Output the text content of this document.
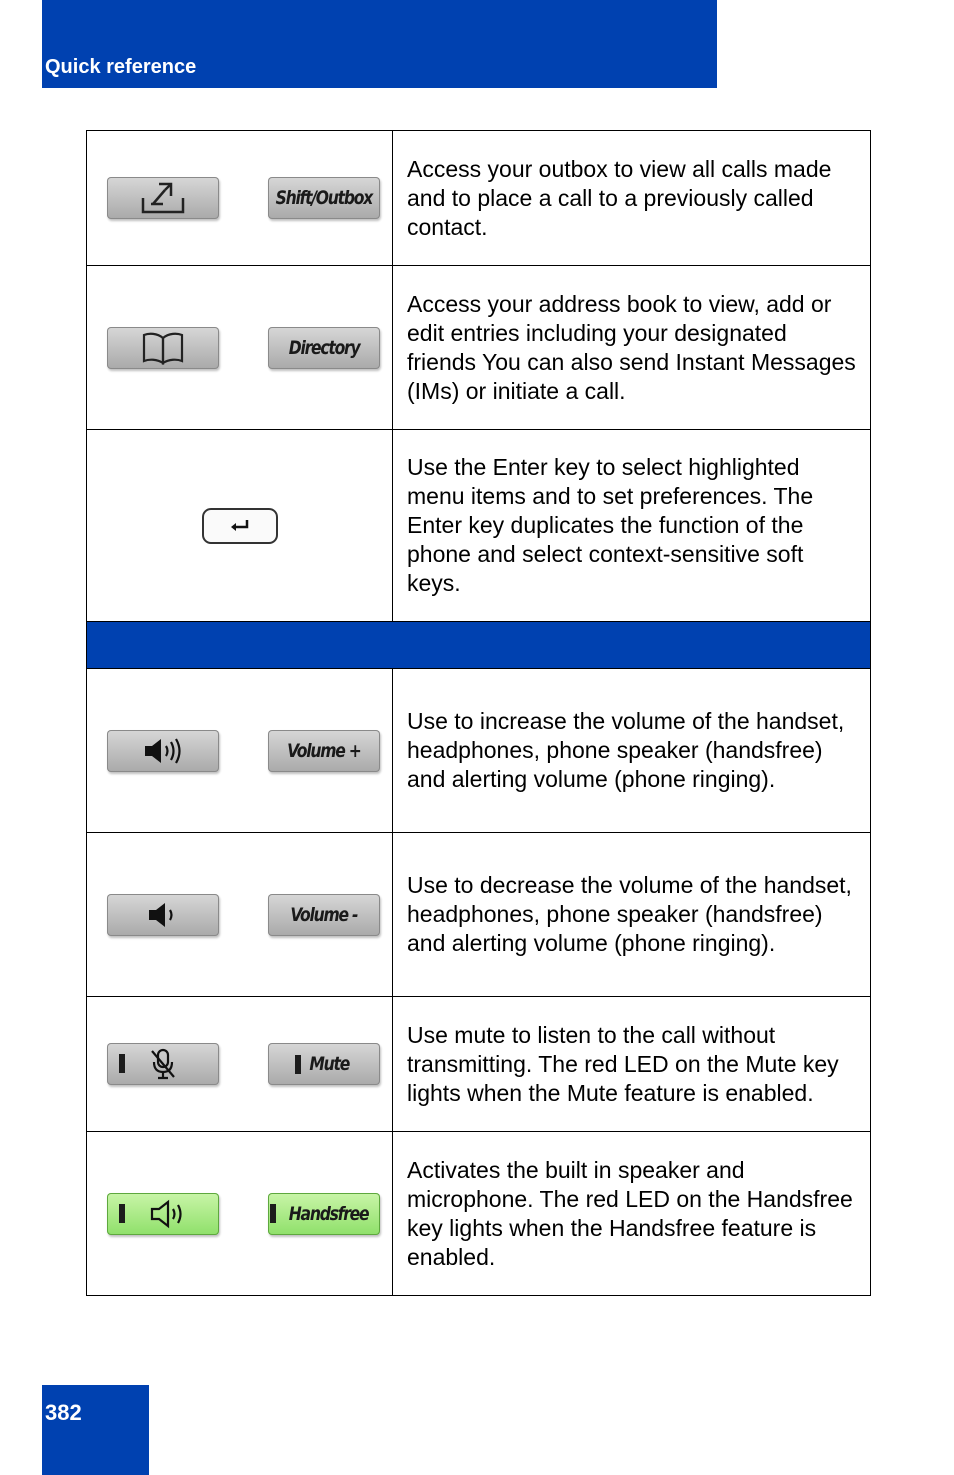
Quick reference
Shift/Outbox	Access your outbox to view all calls made and to place a call to a previously called contact.

Directory	Access your address book to view, add or edit entries including your designated friends You can also send Instant Messages (IMs) or initiate a call.

	Use the Enter key to select highlighted menu items and to set preferences. The Enter key duplicates the function of the phone and select context-sensitive soft keys.

Volume +	Use to increase the volume of the handset, headphones, phone speaker (handsfree) and alerting volume (phone ringing).

Volume -	Use to decrease the volume of the handset, headphones, phone speaker (handsfree) and alerting volume (phone ringing).

Mute	Use mute to listen to the call without transmitting. The red LED on the Mute key lights when the Mute feature is enabled.

Handsfree	Activates the built in speaker and microphone. The red LED on the Handsfree key lights when the Handsfree feature is enabled.
382
